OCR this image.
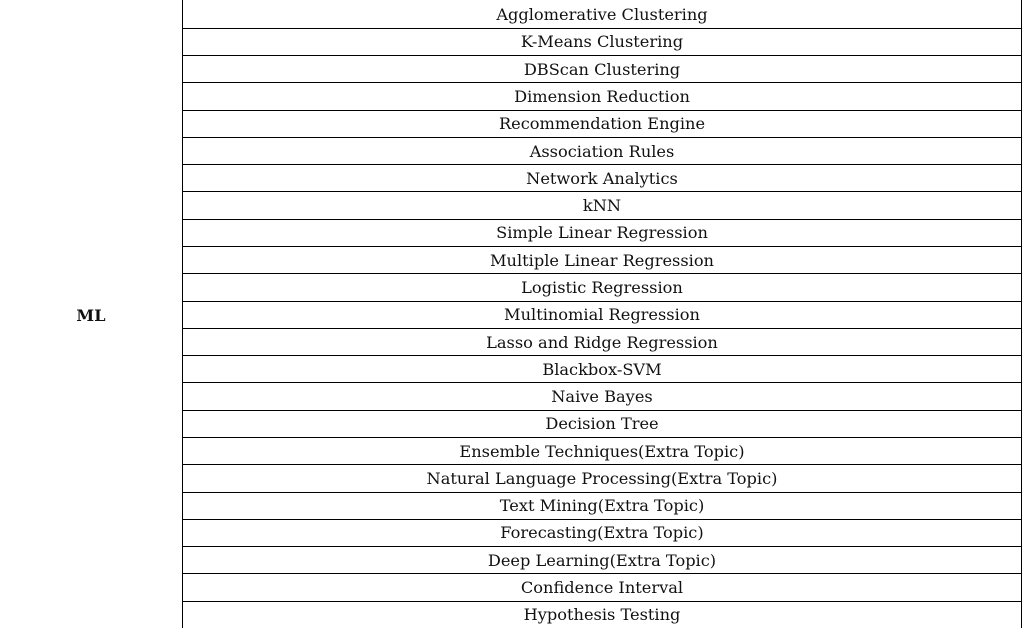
ML
Agglomerative Clustering
K-Means Clustering
DBScan Clustering
Dimension Reduction
Recommendation Engine
Association Rules
Network Analytics
kNN
Simple Linear Regression
Multiple Linear Regression
Logistic Regression
Multinomial Regression
Lasso and Ridge Regression
Blackbox-SVM
Naive Bayes
Decision Tree
Ensemble Techniques(Extra Topic)
Natural Language Processing(Extra Topic)
Text Mining(Extra Topic)
Forecasting(Extra Topic)
Deep Learning(Extra Topic)
Confidence Interval
Hypothesis Testing
